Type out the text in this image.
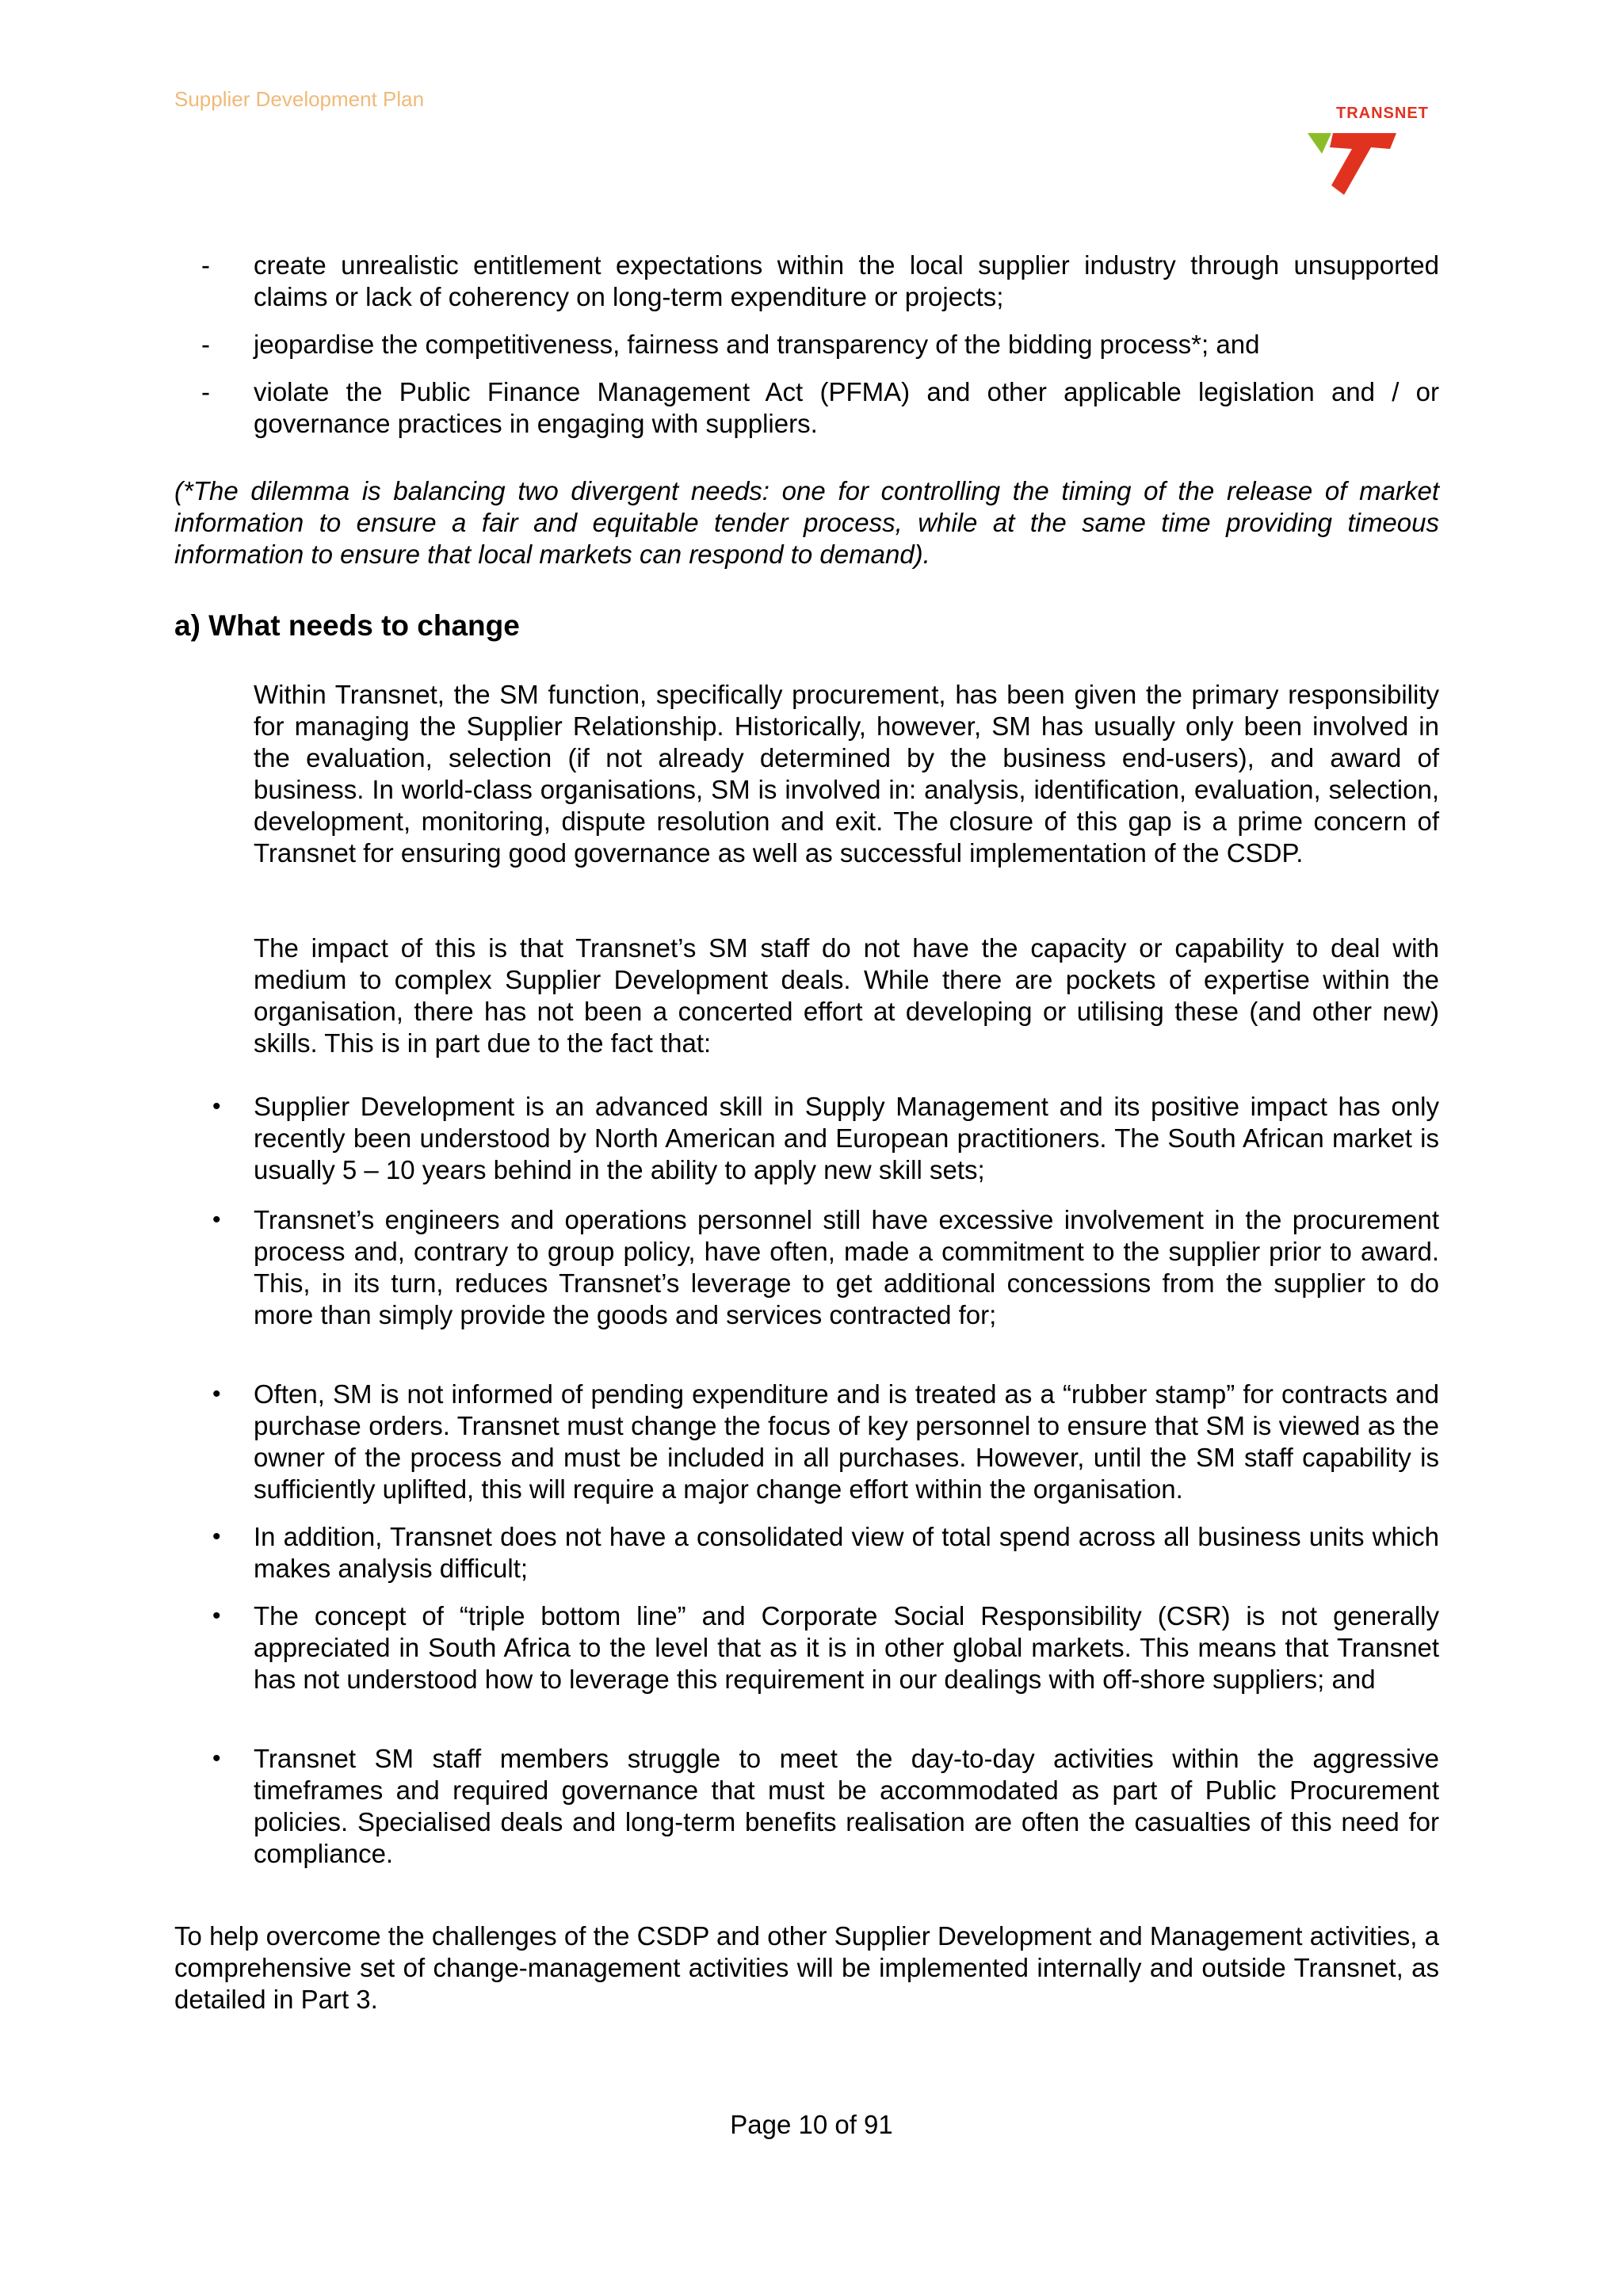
Supplier Development Plan
TRANSNET
- create unrealistic entitlement expectations within the local supplier industry through unsupported claims or lack of coherency on long-term expenditure or projects;
- jeopardise the competitiveness, fairness and transparency of the bidding process*; and
- violate the Public Finance Management Act (PFMA) and other applicable legislation and / or governance practices in engaging with suppliers.
(*The dilemma is balancing two divergent needs: one for controlling the timing of the release of market information to ensure a fair and equitable tender process, while at the same time providing timeous information to ensure that local markets can respond to demand).
a) What needs to change
Within Transnet, the SM function, specifically procurement, has been given the primary responsibility for managing the Supplier Relationship. Historically, however, SM has usually only been involved in the evaluation, selection (if not already determined by the business end-users), and award of business. In world-class organisations, SM is involved in: analysis, identification, evaluation, selection, development, monitoring, dispute resolution and exit. The closure of this gap is a prime concern of Transnet for ensuring good governance as well as successful implementation of the CSDP.
The impact of this is that Transnet’s SM staff do not have the capacity or capability to deal with medium to complex Supplier Development deals. While there are pockets of expertise within the organisation, there has not been a concerted effort at developing or utilising these (and other new) skills. This is in part due to the fact that:
• Supplier Development is an advanced skill in Supply Management and its positive impact has only recently been understood by North American and European practitioners. The South African market is usually 5 – 10 years behind in the ability to apply new skill sets;
• Transnet’s engineers and operations personnel still have excessive involvement in the procurement process and, contrary to group policy, have often, made a commitment to the supplier prior to award. This, in its turn, reduces Transnet’s leverage to get additional concessions from the supplier to do more than simply provide the goods and services contracted for;
• Often, SM is not informed of pending expenditure and is treated as a “rubber stamp” for contracts and purchase orders. Transnet must change the focus of key personnel to ensure that SM is viewed as the owner of the process and must be included in all purchases. However, until the SM staff capability is sufficiently uplifted, this will require a major change effort within the organisation.
• In addition, Transnet does not have a consolidated view of total spend across all business units which makes analysis difficult;
• The concept of “triple bottom line” and Corporate Social Responsibility (CSR) is not generally appreciated in South Africa to the level that as it is in other global markets. This means that Transnet has not understood how to leverage this requirement in our dealings with off-shore suppliers; and
• Transnet SM staff members struggle to meet the day-to-day activities within the aggressive timeframes and required governance that must be accommodated as part of Public Procurement policies. Specialised deals and long-term benefits realisation are often the casualties of this need for compliance.
To help overcome the challenges of the CSDP and other Supplier Development and Management activities, a comprehensive set of change-management activities will be implemented internally and outside Transnet, as detailed in Part 3.
Page 10 of 91
